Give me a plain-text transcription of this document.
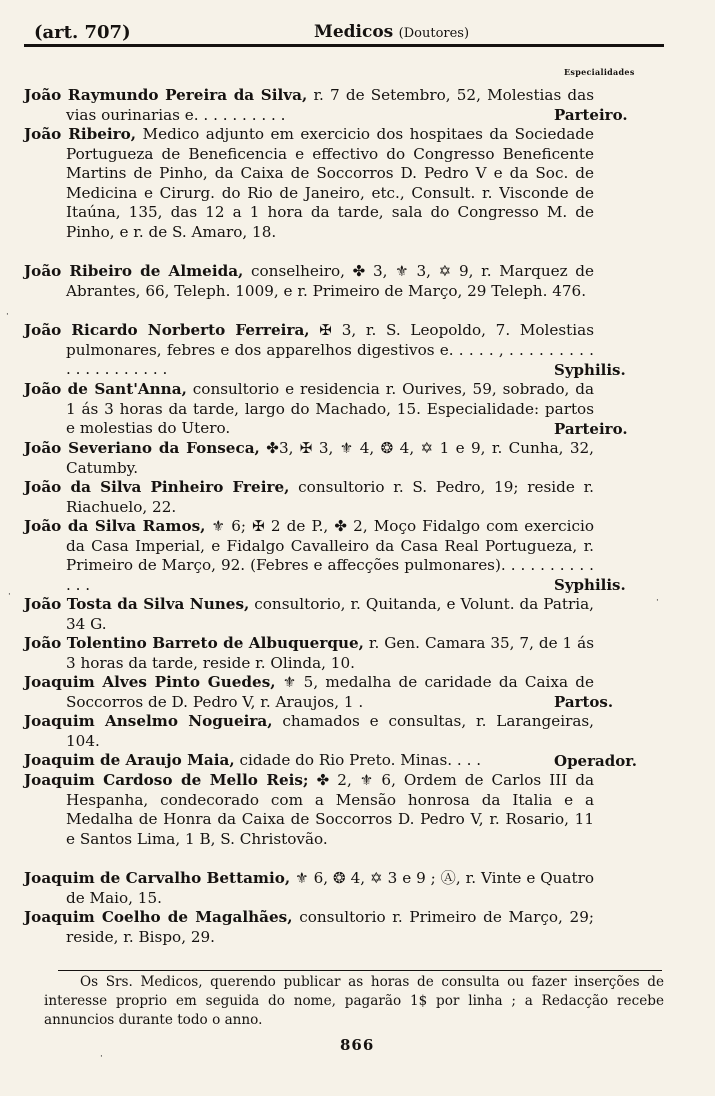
(art. 707)	Medicos (Doutores)
Especialidades
João Raymundo Pereira da Silva, r. 7 de Setembro, 52, Molestias das vias ourinarias e. . . . . . . . . .	Parteiro.
João Ribeiro, Medico adjunto em exercicio dos hospitaes da Sociedade Portugueza de Beneficencia e effectivo do Congresso Beneficente Martins de Pinho, da Caixa de Soccorros D. Pedro V e da Soc. de Medicina e Cirurg. do Rio de Janeiro, etc., Consult. r. Visconde de Itaúna, 135, das 12 a 1 hora da tarde, sala do Congresso M. de Pinho, e r. de S. Amaro, 18.
João Ribeiro de Almeida, conselheiro, ✤ 3, ⚜ 3, ✡ 9, r. Marquez de Abrantes, 66, Teleph. 1009, e r. Primeiro de Março, 29 Teleph. 476.
João Ricardo Norberto Ferreira, ✠ 3, r. S. Leopoldo, 7. Molestias pulmonares, febres e dos apparelhos digestivos e. . . . . , . . . . . . . . . . . . . . . . . . . .	Syphilis.
João de Sant'Anna, consultorio e residencia r. Ourives, 59, sobrado, da 1 ás 3 horas da tarde, largo do Machado, 15. Especialidade: partos e molestias do Utero.	Parteiro.
João Severiano da Fonseca, ✤3, ✠ 3, ⚜ 4, ❂ 4, ✡ 1 e 9, r. Cunha, 32, Catumby.
João da Silva Pinheiro Freire, consultorio r. S. Pedro, 19; reside r. Riachuelo, 22.
João da Silva Ramos, ⚜ 6; ✠ 2 de P., ✤ 2, Moço Fidalgo com exercicio da Casa Imperial, e Fidalgo Cavalleiro da Casa Real Portugueza, r. Primeiro de Março, 92. (Febres e affecções pulmonares). . . . . . . . . . . . .	Syphilis.
João Tosta da Silva Nunes, consultorio, r. Quitanda, e Volunt. da Patria, 34 G.
João Tolentino Barreto de Albuquerque, r. Gen. Camara 35, 7, de 1 ás 3 horas da tarde, reside r. Olinda, 10.
Joaquim Alves Pinto Guedes, ⚜ 5, medalha de caridade da Caixa de Soccorros de D. Pedro V, r. Araujos, 1 .	Partos.
Joaquim Anselmo Nogueira, chamados e consultas, r. Larangeiras, 104.
Joaquim de Araujo Maia, cidade do Rio Preto. Minas. . . .	Operador.
Joaquim Cardoso de Mello Reis; ✤ 2, ⚜ 6, Ordem de Carlos III da Hespanha, condecorado com a Mensão honrosa da Italia e a Medalha de Honra da Caixa de Soccorros D. Pedro V, r. Rosario, 11 e Santos Lima, 1 B, S. Christovão.
Joaquim de Carvalho Bettamio, ⚜ 6, ❂ 4, ✡ 3 e 9 ; Ⓐ, r. Vinte e Quatro de Maio, 15.
Joaquim Coelho de Magalhães, consultorio r. Primeiro de Março, 29; reside, r. Bispo, 29.
Os Srs. Medicos, querendo publicar as horas de consulta ou fazer inserções de interesse proprio em seguida do nome, pagarão 1$ por linha ; a Redacção recebe annuncios durante todo o anno.
866
·
·
·
·
